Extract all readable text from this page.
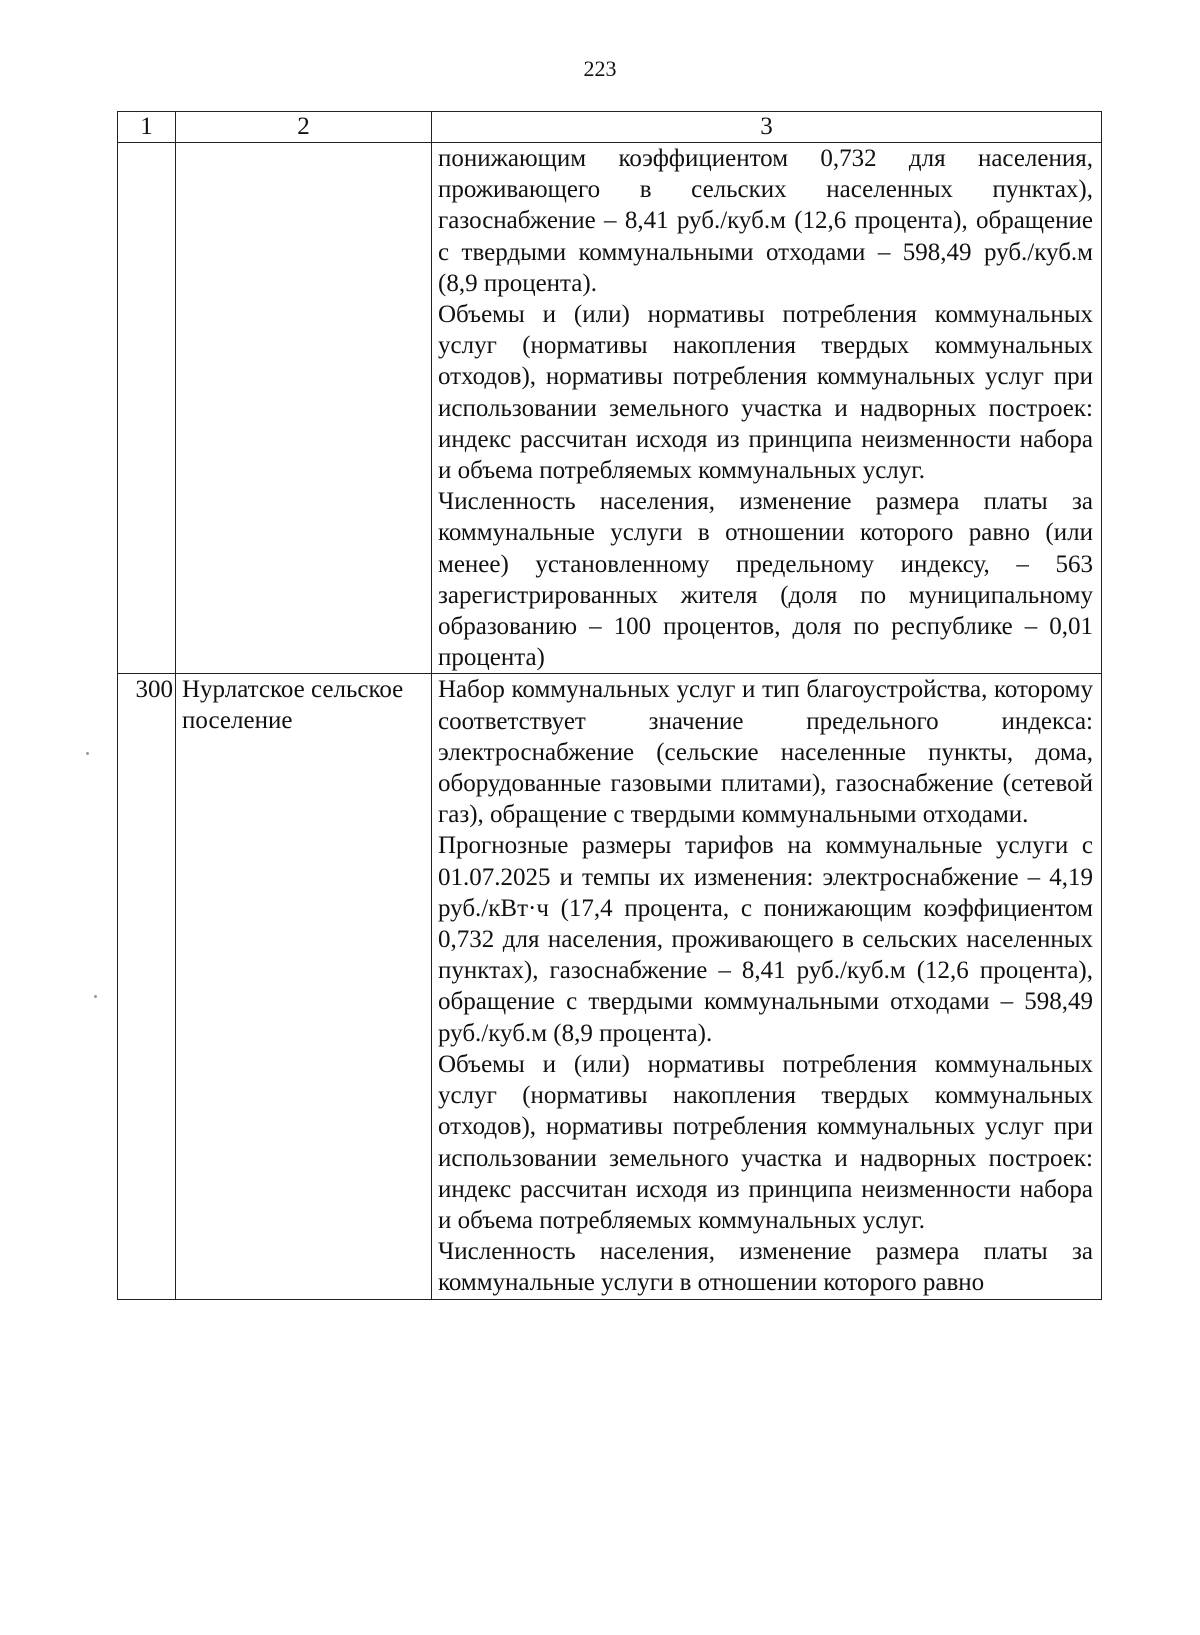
223
1	2	3

		понижающим коэффициентом 0,732 для населения, проживающего в сельских населенных пунктах), газоснабжение – 8,41 руб./куб.м (12,6 процента), обращение с твердыми коммунальными отходами – 598,49 руб./куб.м (8,9 процента).

Объемы и (или) нормативы потребления коммунальных услуг (нормативы накопления твердых коммунальных отходов), нормативы потребления коммунальных услуг при использовании земельного участка и надворных построек: индекс рассчитан исходя из принципа неизменности набора и объема потребляемых коммунальных услуг.

Численность населения, изменение размера платы за коммунальные услуги в отношении которого равно (или менее) установленному предельному индексу, – 563 зарегистрированных жителя (доля по муниципальному образованию – 100 процентов, доля по республике – 0,01 процента)

300	Нурлатское сельское поселение	Набор коммунальных услуг и тип благоустройства, которому соответствует значение предельного индекса: электроснабжение (сельские населенные пункты, дома, оборудованные газовыми плитами), газоснабжение (сетевой газ), обращение с твердыми коммунальными отходами.

Прогнозные размеры тарифов на коммунальные услуги с 01.07.2025 и темпы их изменения: электроснабжение – 4,19 руб./кВт·ч (17,4 процента, с понижающим коэффициентом 0,732 для населения, проживающего в сельских населенных пунктах), газоснабжение – 8,41 руб./куб.м (12,6 процента), обращение с твердыми коммунальными отходами – 598,49 руб./куб.м (8,9 процента).

Объемы и (или) нормативы потребления коммунальных услуг (нормативы накопления твердых коммунальных отходов), нормативы потребления коммунальных услуг при использовании земельного участка и надворных построек: индекс рассчитан исходя из принципа неизменности набора и объема потребляемых коммунальных услуг.

Численность населения, изменение размера платы за коммунальные услуги в отношении которого равно
